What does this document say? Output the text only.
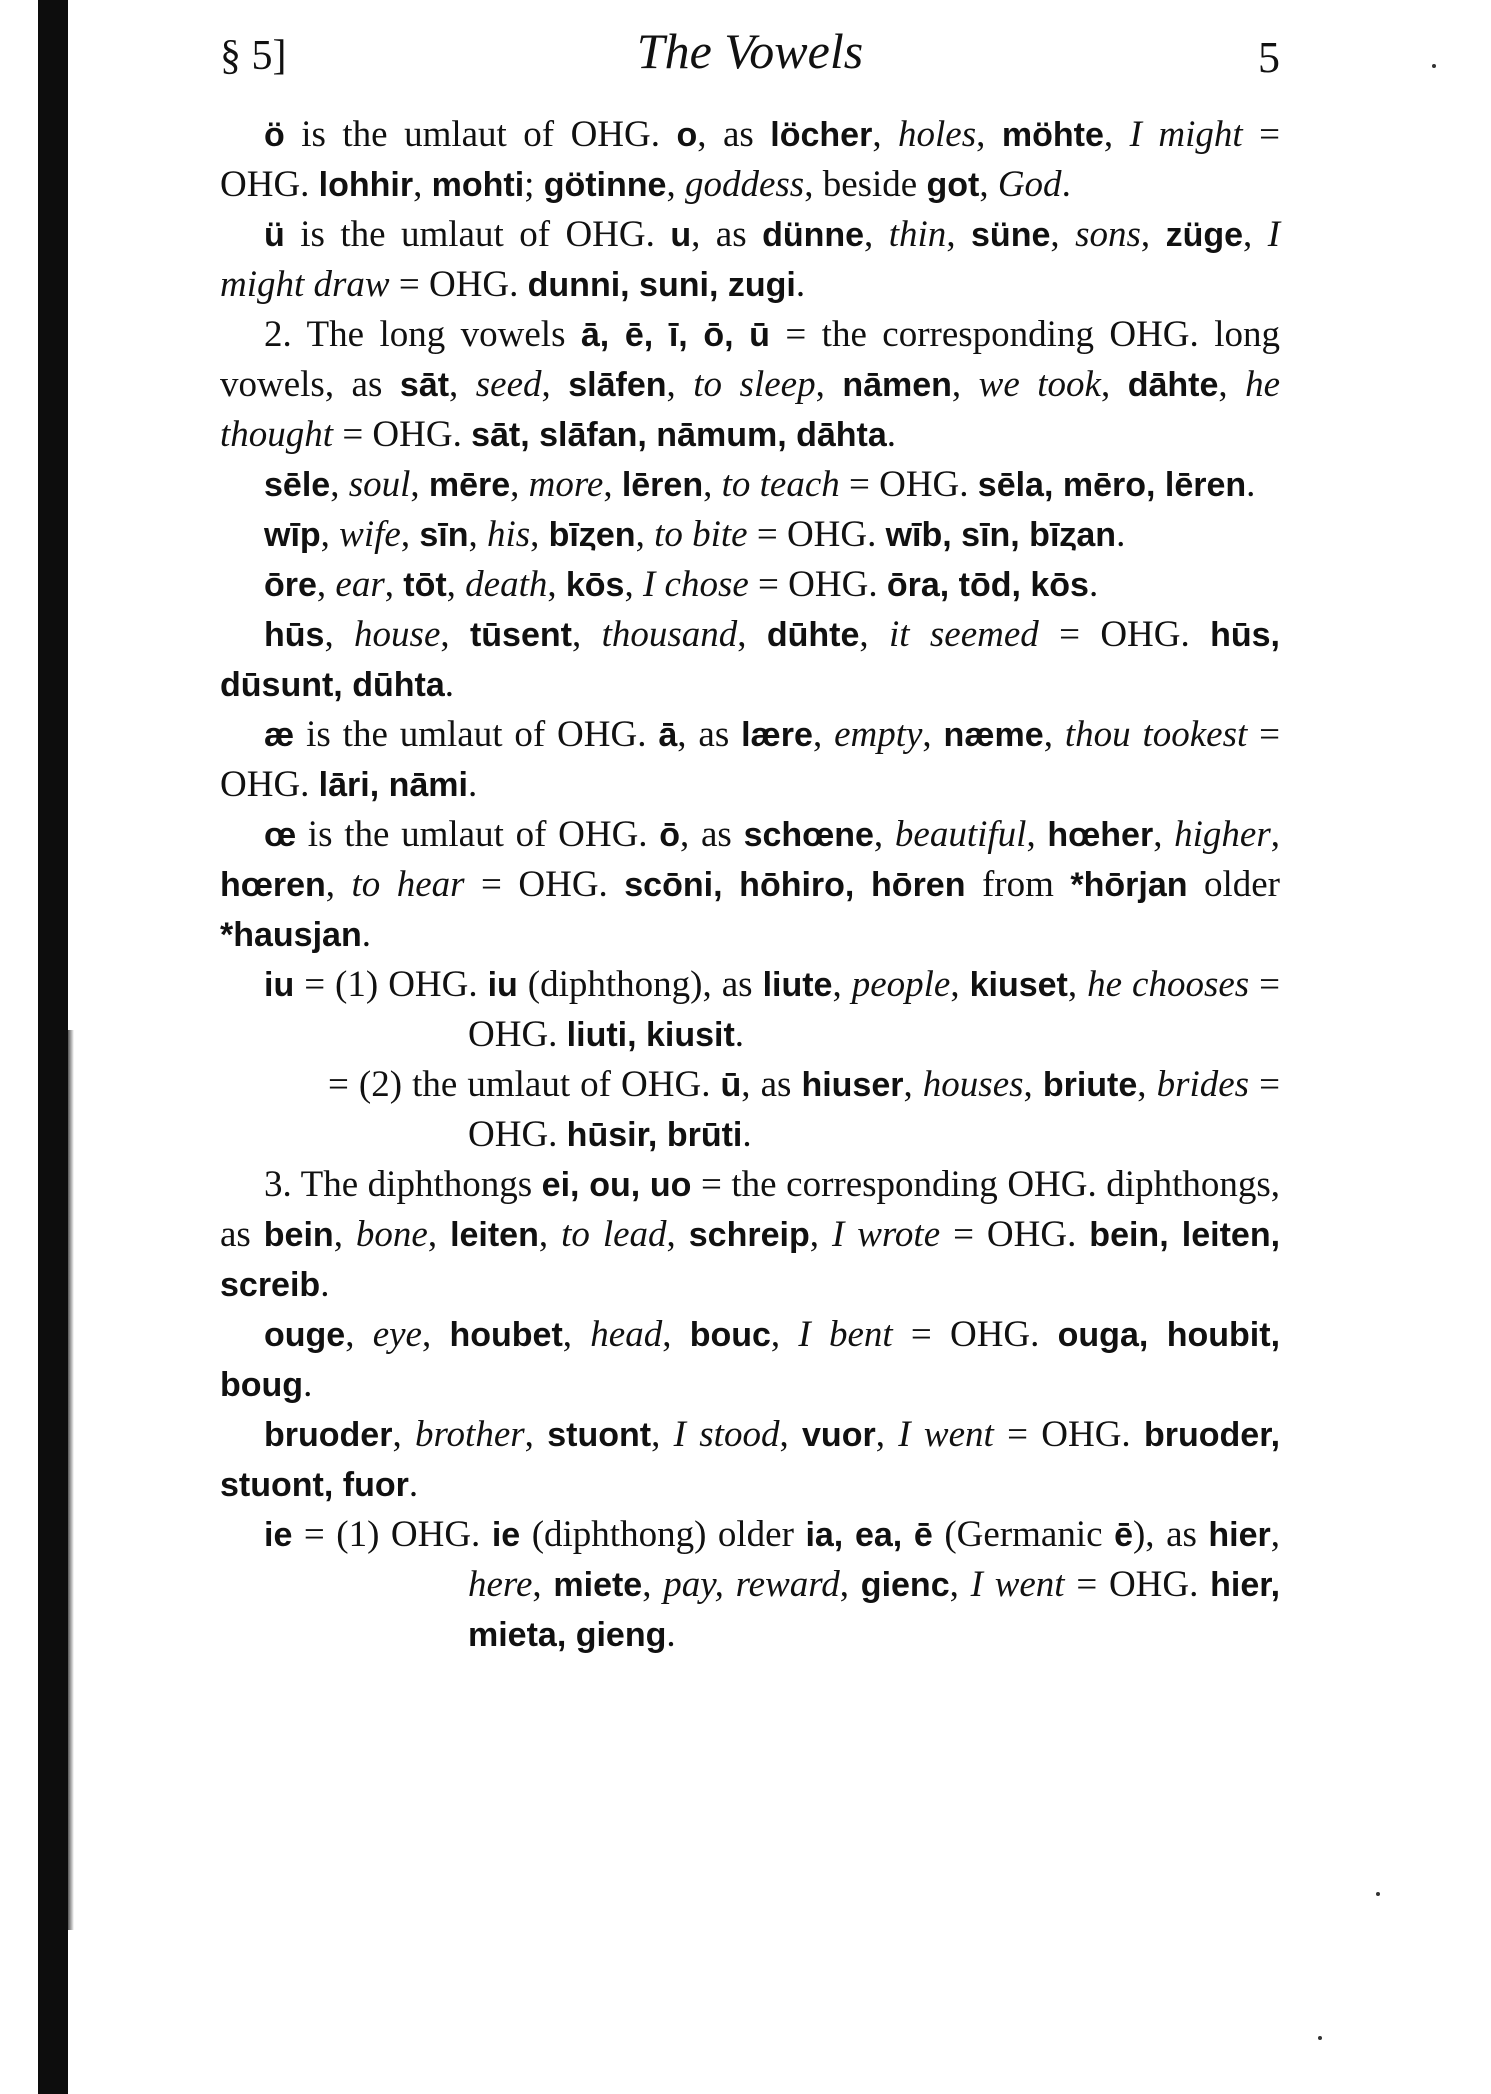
§ 5]	The Vowels	5

ö is the umlaut of OHG. o, as löcher, holes, möhte, I might = OHG. lohhir, mohti; götinne, goddess, beside got, God.

ü is the umlaut of OHG. u, as dünne, thin, süne, sons, züge, I might draw = OHG. dunni, suni, zugi.

2. The long vowels ā, ē, ī, ō, ū = the corresponding OHG. long vowels, as sāt, seed, slāfen, to sleep, nāmen, we took, dāhte, he thought = OHG. sāt, slāfan, nāmum, dāhta.

sēle, soul, mēre, more, lēren, to teach = OHG. sēla, mēro, lēren.

wīp, wife, sīn, his, bīȥen, to bite = OHG. wīb, sīn, bīȥan.

ōre, ear, tōt, death, kōs, I chose = OHG. ōra, tōd, kōs.

hūs, house, tūsent, thousand, dūhte, it seemed = OHG. hūs, dūsunt, dūhta.

æ is the umlaut of OHG. ā, as lære, empty, næme, thou tookest = OHG. lāri, nāmi.

œ is the umlaut of OHG. ō, as schœne, beautiful, hœher, higher, hœren, to hear = OHG. scōni, hōhiro, hōren from *hōrjan older *hausjan.

iu = (1) OHG. iu (diphthong), as liute, people, kiuset, he chooses = OHG. liuti, kiusit.

= (2) the umlaut of OHG. ū, as hiuser, houses, briute, brides = OHG. hūsir, brūti.

3. The diphthongs ei, ou, uo = the corresponding OHG. diphthongs, as bein, bone, leiten, to lead, schreip, I wrote = OHG. bein, leiten, screib.

ouge, eye, houbet, head, bouc, I bent = OHG. ouga, houbit, boug.

bruoder, brother, stuont, I stood, vuor, I went = OHG. bruoder, stuont, fuor.

ie = (1) OHG. ie (diphthong) older ia, ea, ē (Germanic ē), as hier, here, miete, pay, reward, gienc, I went = OHG. hier, mieta, gieng.
